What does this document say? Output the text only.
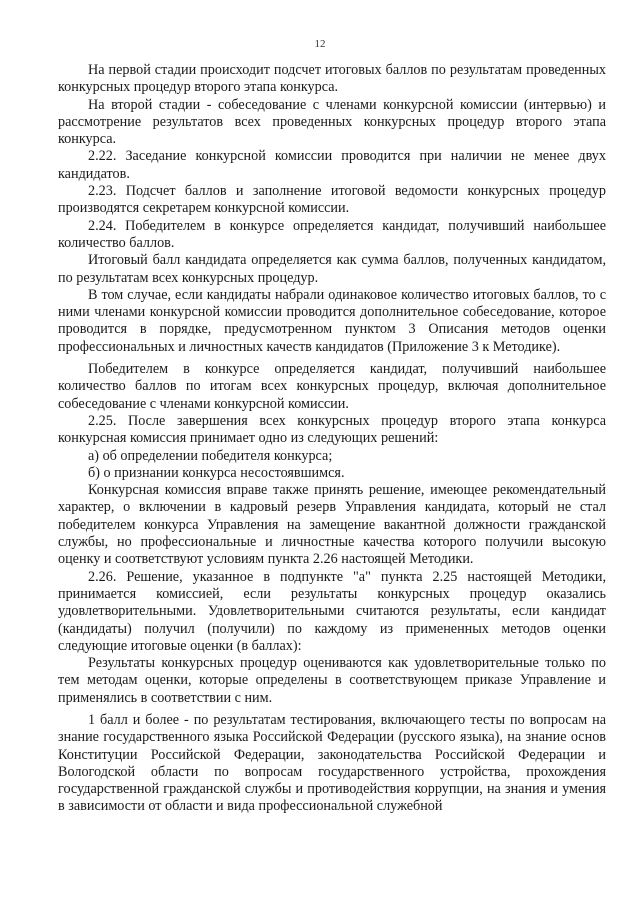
12

На первой стадии происходит подсчет итоговых баллов по результатам проведенных конкурсных процедур второго этапа конкурса.

На второй стадии - собеседование с членами конкурсной комиссии (интервью) и рассмотрение результатов всех проведенных конкурсных процедур второго этапа конкурса.

2.22. Заседание конкурсной комиссии проводится при наличии не менее двух кандидатов.

2.23. Подсчет баллов и заполнение итоговой ведомости конкурсных процедур производятся секретарем конкурсной комиссии.

2.24. Победителем в конкурсе определяется кандидат, получивший наибольшее количество баллов.

Итоговый балл кандидата определяется как сумма баллов, полученных кандидатом, по результатам всех конкурсных процедур.

В том случае, если кандидаты набрали одинаковое количество итоговых баллов, то с ними членами конкурсной комиссии проводится дополнительное собеседование, которое проводится в порядке, предусмотренном пунктом 3 Описания методов оценки профессиональных и личностных качеств кандидатов (Приложение 3 к Методике).

Победителем в конкурсе определяется кандидат, получивший наибольшее количество баллов по итогам всех конкурсных процедур, включая дополнительное собеседование с членами конкурсной комиссии.

2.25. После завершения всех конкурсных процедур второго этапа конкурса конкурсная комиссия принимает одно из следующих решений:

а) об определении победителя конкурса;

б) о признании конкурса несостоявшимся.

Конкурсная комиссия вправе также принять решение, имеющее рекомендательный характер, о включении в кадровый резерв Управления кандидата, который не стал победителем конкурса Управления на замещение вакантной должности гражданской службы, но профессиональные и личностные качества которого получили высокую оценку и соответствуют условиям пункта 2.26 настоящей Методики.

2.26. Решение, указанное в подпункте "а" пункта 2.25 настоящей Методики, принимается комиссией, если результаты конкурсных процедур оказались удовлетворительными. Удовлетворительными считаются результаты, если кандидат (кандидаты) получил (получили) по каждому из примененных методов оценки следующие итоговые оценки (в баллах):

Результаты конкурсных процедур оцениваются как удовлетворительные только по тем методам оценки, которые определены в соответствующем приказе Управление и применялись в соответствии с ним.

1 балл и более - по результатам тестирования, включающего тесты по вопросам на знание государственного языка Российской Федерации (русского языка), на знание основ Конституции Российской Федерации, законодательства Российской Федерации и Вологодской области по вопросам государственного устройства, прохождения государственной гражданской службы и противодействия коррупции, на знания и умения в зависимости от области и вида профессиональной служебной
